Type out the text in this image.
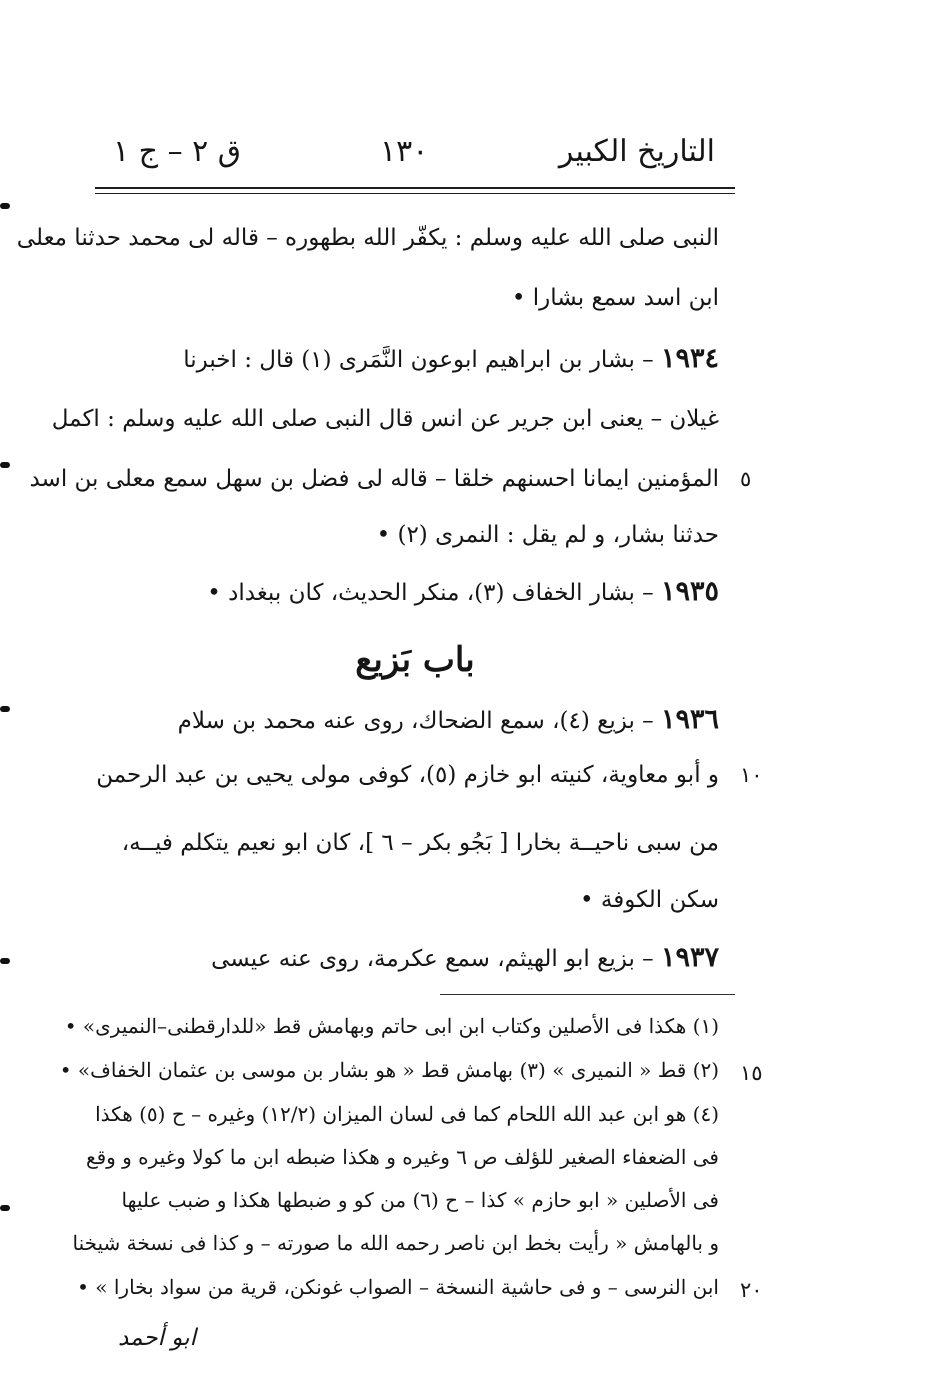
التاريخ الكبير
١٣٠
ق ٢ – ج ١
النبى صلى الله عليه وسلم : يكفّر الله بطهوره – قاله لى محمد حدثنا معلى
ابن اسد سمع بشارا •
١٩٣٤ – بشار بن ابراهيم ابوعون النَّمَرى (١) قال : اخبرنا
غيلان – يعنى ابن جرير عن انس قال النبى صلى الله عليه وسلم : اكمل
المؤمنين ايمانا احسنهم خلقا – قاله لى فضل بن سهل سمع معلى بن اسد
حدثنا بشار، و لم يقل : النمرى (٢) •
١٩٣٥ – بشار الخفاف (٣)، منكر الحديث، كان ببغداد •
باب بَزيع
١٩٣٦ – بزيع (٤)، سمع الضحاك، روى عنه محمد بن سلام
و أبو معاوية، كنيته ابو خازم (٥)، كوفى مولى يحيى بن عبد الرحمن
من سبى ناحيــة بخارا [ بَجُو بكر – ٦ ]، كان ابو نعيم يتكلم فيــه،
سكن الكوفة •
١٩٣٧ – بزيع ابو الهيثم، سمع عكرمة، روى عنه عيسى
(١) هكذا فى الأصلين وكتاب ابن ابى حاتم وبهامش قط «للدارقطنى–النميرى» •
(٢) قط « النميرى » (٣) بهامش قط « هو بشار بن موسى بن عثمان الخفاف» •
(٤) هو ابن عبد الله اللحام كما فى لسان الميزان (١٢/٢) وغيره – ح (٥) هكذا
فى الضعفاء الصغير للؤلف ص ٦ وغيره و هكذا ضبطه ابن ما كولا وغيره و وقع
فى الأصلين « ابو حازم » كذا – ح (٦) من كو و ضبطها هكذا و ضبب عليها
و بالهامش « رأيت بخط ابن ناصر رحمه الله ما صورته – و كذا فى نسخة شيخنا
ابن النرسى – و فى حاشية النسخة – الصواب غونكن، قرية من سواد بخارا » •
٥
١٠
١٥
٢٠
ابو أحمد
